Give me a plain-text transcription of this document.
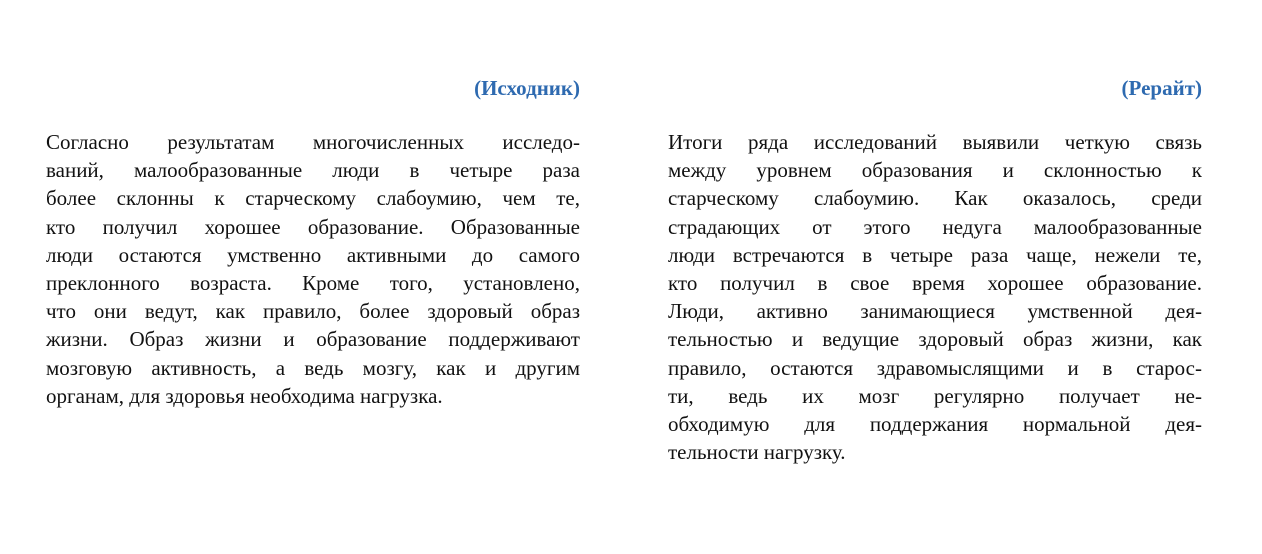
(Исходник)
Согласно результатам многочисленных исследо-
ваний, малообразованные люди в четыре раза
более склонны к старческому слабоумию, чем те,
кто получил хорошее образование. Образованные
люди остаются умственно активными до самого
преклонного возраста. Кроме того, установлено,
что они ведут, как правило, более здоровый образ
жизни. Образ жизни и образование поддерживают
мозговую активность, а ведь мозгу, как и другим
органам, для здоровья необходима нагрузка.
(Рерайт)
Итоги ряда исследований выявили четкую связь
между уровнем образования и склонностью к
старческому слабоумию. Как оказалось, среди
страдающих от этого недуга малообразованные
люди встречаются в четыре раза чаще, нежели те,
кто получил в свое время хорошее образование.
Люди, активно занимающиеся умственной дея-
тельностью и ведущие здоровый образ жизни, как
правило, остаются здравомыслящими и в старос-
ти, ведь их мозг регулярно получает не-
обходимую для поддержания нормальной дея-
тельности нагрузку.
